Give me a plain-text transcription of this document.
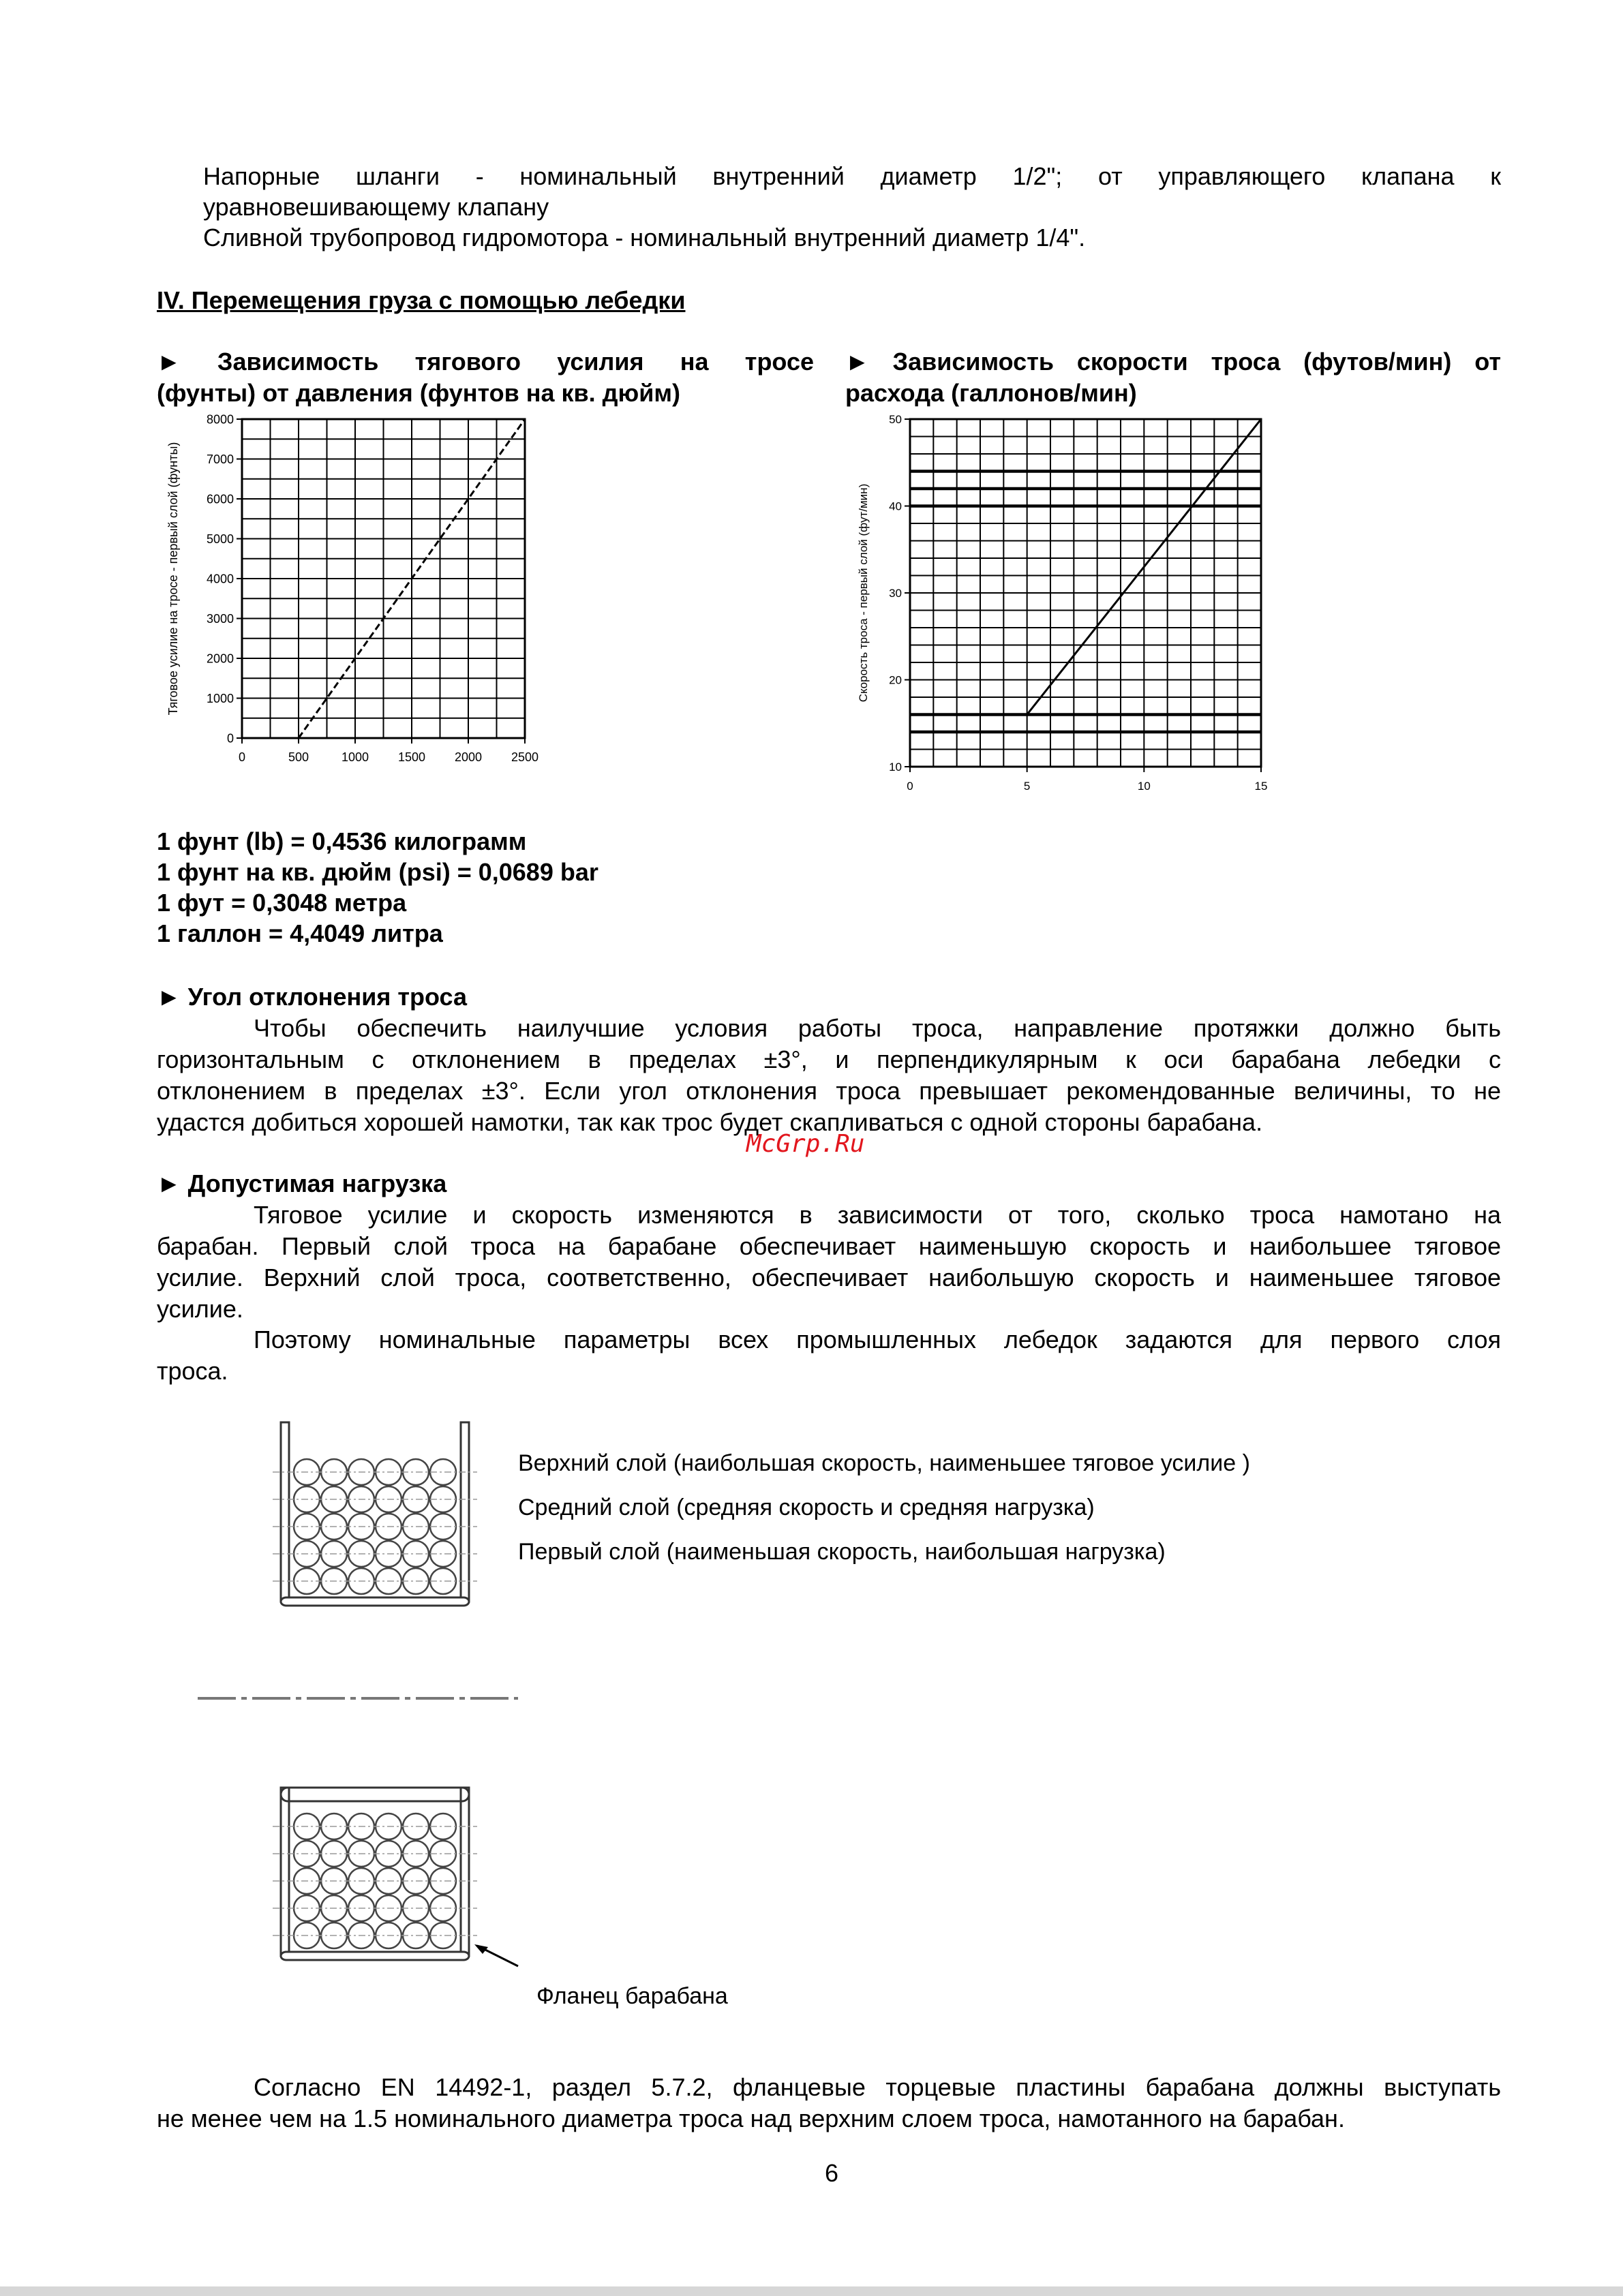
Напорные шланги - номинальный внутренний диаметр 1/2"; от управляющего клапана к
уравновешивающему клапану
Сливной трубопровод гидромотора - номинальный внутренний диаметр 1/4".
IV. Перемещения груза с помощью лебедки
► Зависимость тягового усилия на тросе
(фунты) от давления (фунтов на кв. дюйм)
► Зависимость скорости троса (футов/мин) от
расхода (галлонов/мин)
0	500	1000 1500 2000 2500
0
1000
2000
3000
4000
5000
6000
7000
8000
Тяговое усилие на тросе - первый слой (фунты)
0	5	10	15
10
20
30
40
50
Скорость троса - первый слой (фут/мин)
1 фунт (lb) = 0,4536 килограмм
1 фунт на кв. дюйм (psi) = 0,0689 bar
1 фут = 0,3048 метра
1 галлон = 4,4049 литра
► Угол отклонения троса
Чтобы обеспечить наилучшие условия работы троса, направление протяжки должно быть
горизонтальным с отклонением в пределах ±3°, и перпендикулярным к оси барабана лебедки с
отклонением в пределах ±3°. Если угол отклонения троса превышает рекомендованные величины, то не
удастся добиться хорошей намотки, так как трос будет скапливаться с одной стороны барабана.
McGrp.Ru
► Допустимая нагрузка
Тяговое усилие и скорость изменяются в зависимости от того, сколько троса намотано на
барабан. Первый слой троса на барабане обеспечивает наименьшую скорость и наибольшее тяговое
усилие. Верхний слой троса, соответственно, обеспечивает наибольшую скорость и наименьшее тяговое
усилие.
Поэтому номинальные параметры всех промышленных лебедок задаются для первого слоя
троса.
Верхний слой (наибольшая скорость, наименьшее тяговое усилие )
Средний слой (средняя скорость и средняя нагрузка)
Первый слой (наименьшая скорость, наибольшая нагрузка)
Фланец барабана
Согласно EN 14492-1, раздел 5.7.2, фланцевые торцевые пластины барабана должны выступать
не менее чем на 1.5 номинального диаметра троса над верхним слоем троса, намотанного на барабан.
6
